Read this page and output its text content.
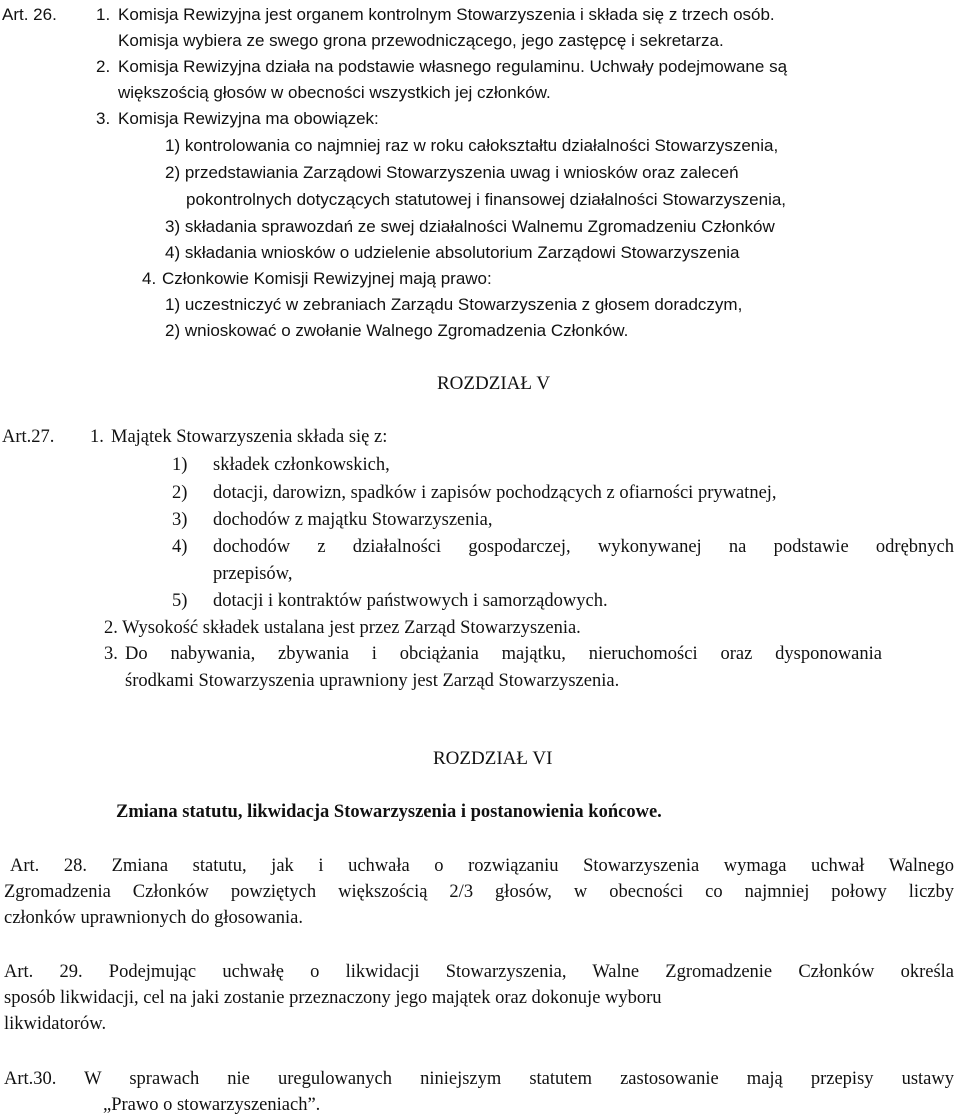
Art. 26. 1. Komisja Rewizyjna jest organem kontrolnym Stowarzyszenia i składa się z trzech osób.
Komisja wybiera ze swego grona przewodniczącego, jego zastępcę i sekretarza.
2. Komisja Rewizyjna działa na podstawie własnego regulaminu. Uchwały podejmowane są
większością głosów w obecności wszystkich jej członków.
3. Komisja Rewizyjna ma obowiązek:
1) kontrolowania co najmniej raz w roku całokształtu działalności Stowarzyszenia,
2) przedstawiania Zarządowi Stowarzyszenia uwag i wniosków oraz zaleceń
pokontrolnych dotyczących statutowej i finansowej działalności Stowarzyszenia,
3) składania sprawozdań ze swej działalności Walnemu Zgromadzeniu Członków
4) składania wniosków o udzielenie absolutorium Zarządowi Stowarzyszenia
4. Członkowie Komisji Rewizyjnej mają prawo:
1) uczestniczyć w zebraniach Zarządu Stowarzyszenia z głosem doradczym,
2) wnioskować o zwołanie Walnego Zgromadzenia Członków.
ROZDZIAŁ V
Art.27. 1. Majątek Stowarzyszenia składa się z:
1) składek członkowskich,
2) dotacji, darowizn, spadków i zapisów pochodzących z ofiarności prywatnej,
3) dochodów z majątku Stowarzyszenia,
4) dochodów z działalności gospodarczej, wykonywanej na podstawie odrębnych
przepisów,
5) dotacji i kontraktów państwowych i samorządowych.
2. Wysokość składek ustalana jest przez Zarząd Stowarzyszenia.
3. Do nabywania, zbywania i obciążania majątku, nieruchomości oraz dysponowania
środkami Stowarzyszenia uprawniony jest Zarząd Stowarzyszenia.
ROZDZIAŁ VI
Zmiana statutu, likwidacja Stowarzyszenia i postanowienia końcowe.
Art. 28. Zmiana statutu, jak i uchwała o rozwiązaniu Stowarzyszenia wymaga uchwał Walnego
Zgromadzenia Członków powziętych większością 2/3 głosów, w obecności co najmniej połowy liczby
członków uprawnionych do głosowania.
Art. 29. Podejmując uchwałę o likwidacji Stowarzyszenia, Walne Zgromadzenie Członków określa
sposób likwidacji, cel na jaki zostanie przeznaczony jego majątek oraz dokonuje wyboru
likwidatorów.
Art.30. W sprawach nie uregulowanych niniejszym statutem zastosowanie mają przepisy ustawy
„Prawo o stowarzyszeniach”.
